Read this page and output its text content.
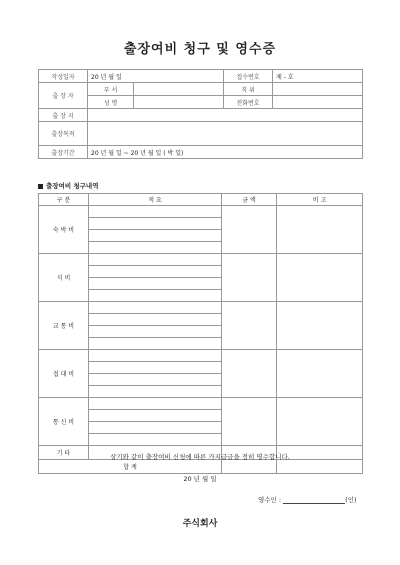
출장여비 청구 및 영수증
작성일자	20 년 월 일		접수번호	제 - 호
출 장 자	부 서		직 위	
	성 명		전화번호	
출 장 지				
출장목적				
출장기간	20 년 월 일 ~ 20 년 월 일 ( 박 일)			
출장여비 청구내역
구 분	적 요	금 액	비 고
숙 박 비			

식 비			

교 통 비			

접 대 비			

통 신 비			

기 타			
합 계			
상기와 같이 출장여비 신청에 따른 가지급금을 정히 영수합니다.
20 년 월 일
영수인 :	(인)
주식회사
